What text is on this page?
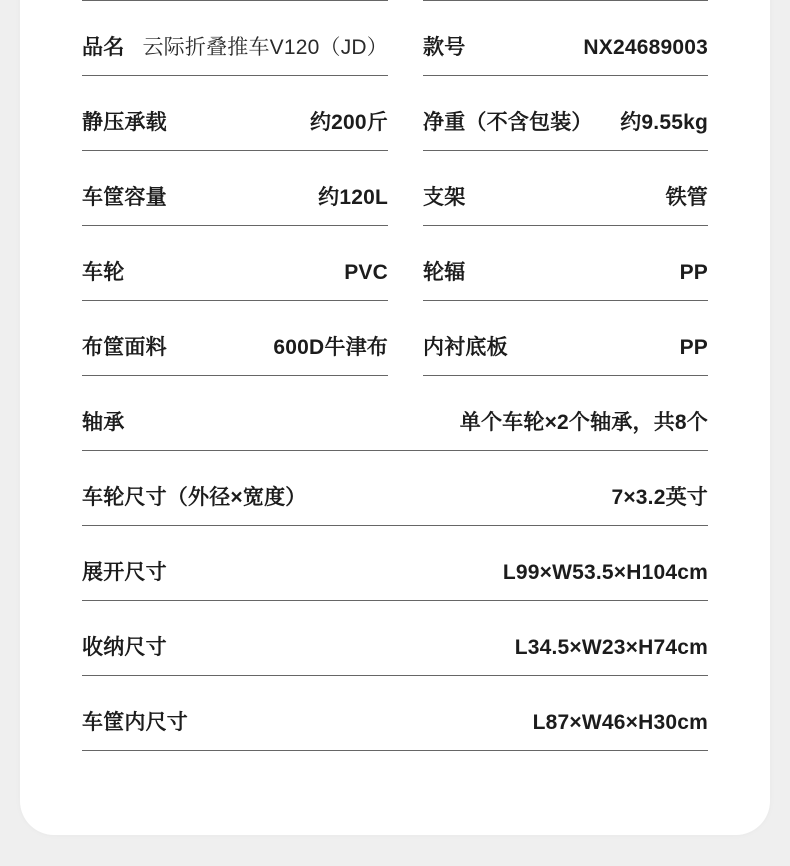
品名 云际折叠推车V120（JD） 款号	NX24689003
静压承载	约200斤 净重（不含包装） 约9.55kg
车筐容量	约120L 支架	铁管
车轮	PVC 轮辐	PP
布筐面料	600D牛津布 内衬底板	PP
轴承	单个车轮×2个轴承，共8个
车轮尺寸（外径×宽度）	7×3.2英寸
展开尺寸	L99×W53.5×H104cm
收纳尺寸	L34.5×W23×H74cm
车筐内尺寸	L87×W46×H30cm
